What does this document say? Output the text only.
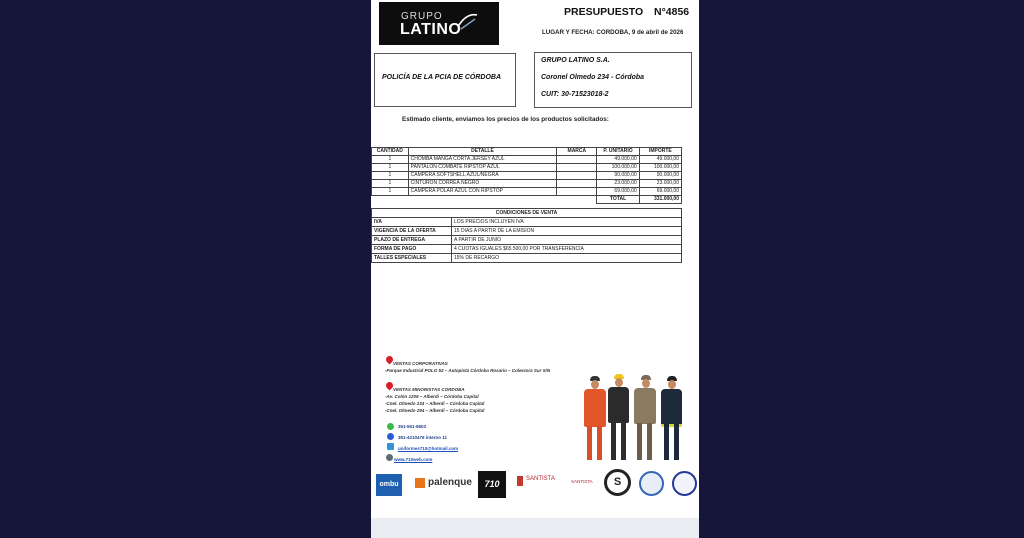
GRUPO
LATINO
PRESUPUESTO N°4856
LUGAR Y FECHA: CORDOBA, 9 de abril de 2026
POLICÍA DE LA PCIA DE CÓRDOBA
GRUPO LATINO S.A.
Coronel Olmedo 234 - Córdoba
CUIT: 30-71523018-2
Estimado cliente, enviamos los precios de los productos solicitados:
CANTIDAD	DETALLE	MARCA	P. UNITARIO	IMPORTE
1	CHOMBA MANGA CORTA JERSEY AZUL		49.000,00	49.000,00
1	PANTALON COMBATE RIPSTOP AZUL		100.000,00	100.000,00
1	CAMPERA SOFTSHELL AZUL/NEGRA		90.000,00	90.000,00
1	CINTURON CORREA NEGRO		23.000,00	23.000,00
1	CAMPERA POLAR AZUL CON RIPSTOP		69.000,00	69.000,00
			TOTAL	331.000,00
CONDICIONES DE VENTA	
IVA	LOS PRECIOS INCLUYEN IVA
VIGENCIA DE LA OFERTA	15 DIAS A PARTIR DE LA EMISION
PLAZO DE ENTREGA	A PARTIR DE JUNIO
FORMA DE PAGO	4 CUOTAS IGUALES $65.500,00 POR TRANSFERENCIA
TALLES ESPECIALES	15% DE RECARGO
VENTAS CORPORATIVAS
-Parque Industrial POLO 52 – Autopista Córdoba Rosario – Colectora Sur S/N
VENTAS MINORISTAS CORDOBA
-Av. Colón 1209 – Alberdi – Córdoba Capital
-Cnel. Olmedo 234 – Alberdi – Córdoba Capital
-Cnel. Olmedo 294 – Alberdi – Córdoba Capital
351-551-5603
351-4210476 interno 11
uniformes710@hotmail.com
www.710web.com
ombu	palenque	710	SANTISTA	SANTISTA	S
